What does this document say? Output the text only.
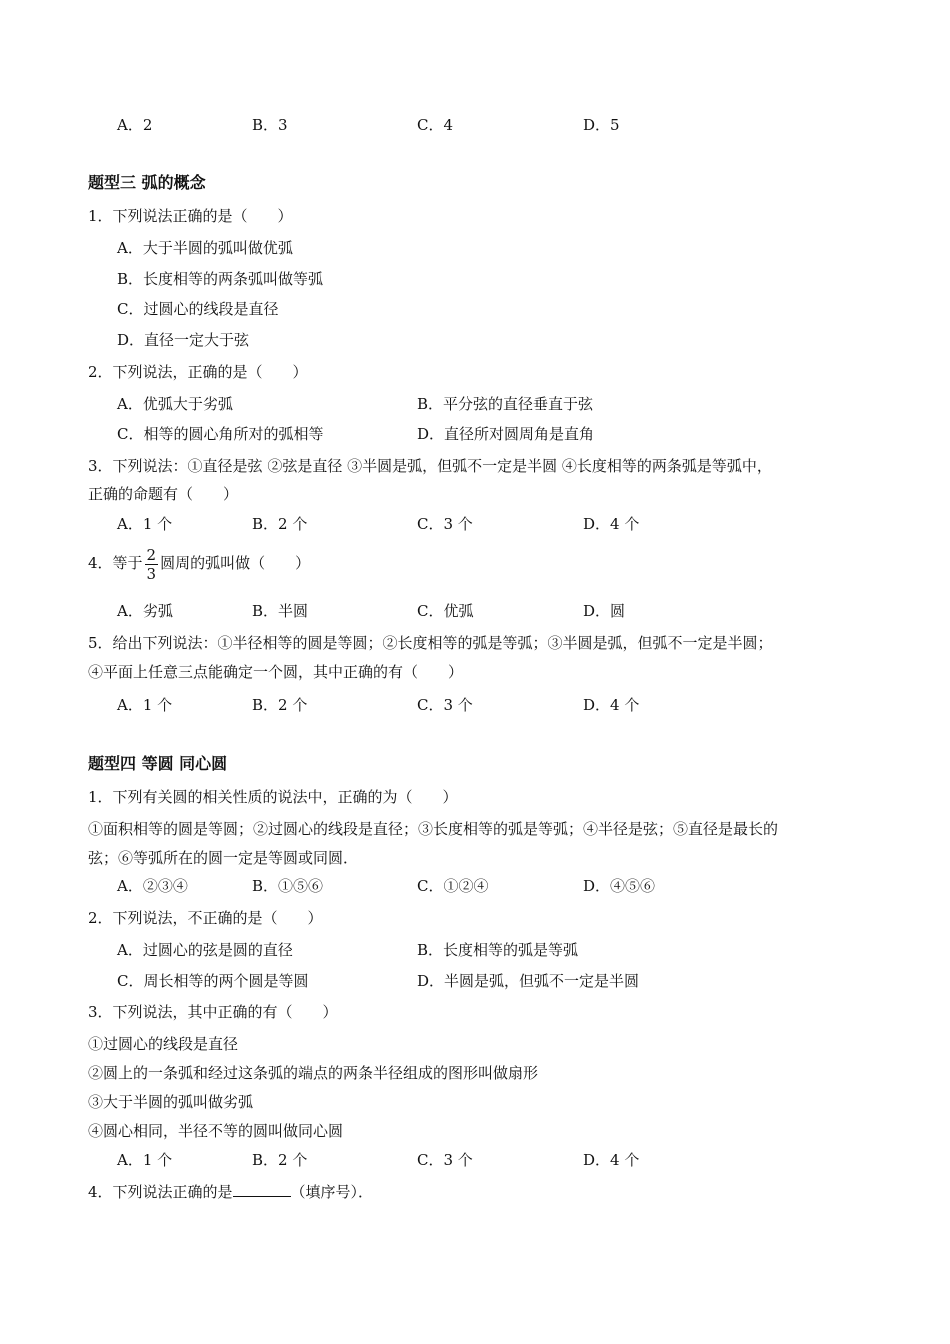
A．2	B．3	C．4	D．5
题型三 弧的概念
1．下列说法正确的是（　　）
A．大于半圆的弧叫做优弧
B．长度相等的两条弧叫做等弧
C．过圆心的线段是直径
D．直径一定大于弦
2．下列说法，正确的是（　　）
A．优弧大于劣弧	B．平分弦的直径垂直于弦
C．相等的圆心角所对的弧相等	D．直径所对圆周角是直角
3．下列说法：①直径是弦 ②弦是直径 ③半圆是弧，但弧不一定是半圆 ④长度相等的两条弧是等弧中，
正确的命题有（　　）
A．1 个	B．2 个	C．3 个	D．4 个
4．等于 $\frac{2}{3}$ 圆周的弧叫做（　　）
A．劣弧	B．半圆	C．优弧	D．圆
5．给出下列说法：①半径相等的圆是等圆；②长度相等的弧是等弧；③半圆是弧，但弧不一定是半圆；
④平面上任意三点能确定一个圆，其中正确的有（　　）
A．1 个	B．2 个	C．3 个	D．4 个
题型四 等圆 同心圆
1．下列有关圆的相关性质的说法中，正确的为（　　）
①面积相等的圆是等圆；②过圆心的线段是直径；③长度相等的弧是等弧；④半径是弦；⑤直径是最长的
弦；⑥等弧所在的圆一定是等圆或同圆．
A．②③④	B．①⑤⑥	C．①②④	D．④⑤⑥
2．下列说法，不正确的是（　　）
A．过圆心的弦是圆的直径	B．长度相等的弧是等弧
C．周长相等的两个圆是等圆	D．半圆是弧，但弧不一定是半圆
3．下列说法，其中正确的有（　　）
①过圆心的线段是直径
②圆上的一条弧和经过这条弧的端点的两条半径组成的图形叫做扇形
③大于半圆的弧叫做劣弧
④圆心相同，半径不等的圆叫做同心圆
A．1 个	B．2 个	C．3 个	D．4 个
4．下列说法正确的是	（填序号）．
